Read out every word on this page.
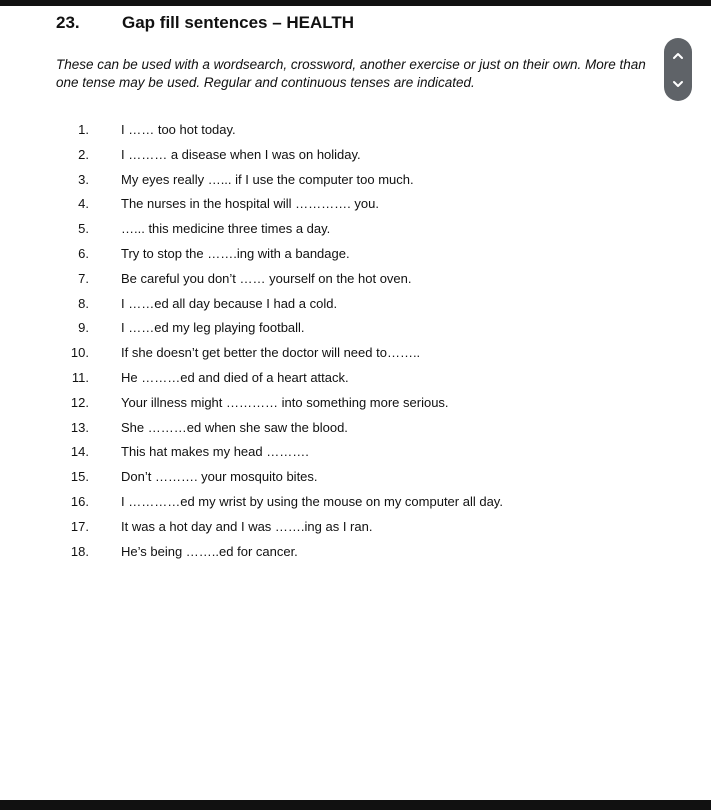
23. Gap fill sentences – HEALTH
These can be used with a wordsearch, crossword, another exercise or just on their own. More than one tense may be used. Regular and continuous tenses are indicated.
1. I …… too hot today.
2. I ……… a disease when I was on holiday.
3. My eyes really …... if I use the computer too much.
4. The nurses in the hospital will …………. you.
5. …... this medicine three times a day.
6. Try to stop the …….ing with a bandage.
7. Be careful you don’t …… yourself on the hot oven.
8. I ……ed all day because I had a cold.
9. I ……ed my leg playing football.
10. If she doesn’t get better the doctor will need to……..
11. He ………ed and died of a heart attack.
12. Your illness might ………… into something more serious.
13. She ………ed when she saw the blood.
14. This hat makes my head ……….
15. Don’t ………. your mosquito bites.
16. I …………ed my wrist by using the mouse on my computer all day.
17. It was a hot day and I was …….ing as I ran.
18. He’s being ……..ed for cancer.
